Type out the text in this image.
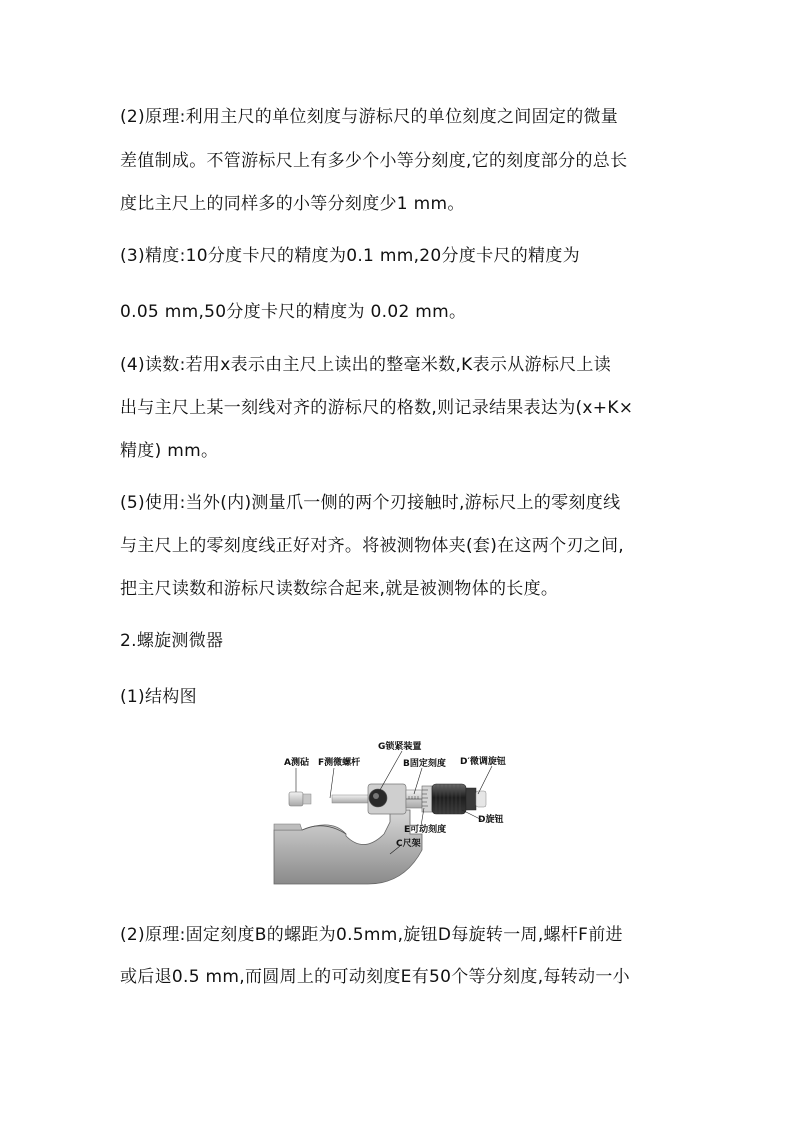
(2)原理:利用主尺的单位刻度与游标尺的单位刻度之间固定的微量
差值制成。不管游标尺上有多少个小等分刻度,它的刻度部分的总长
度比主尺上的同样多的小等分刻度少1 mm。
(3)精度:10分度卡尺的精度为0.1 mm,20分度卡尺的精度为
0.05 mm,50分度卡尺的精度为 0.02 mm。
(4)读数:若用x表示由主尺上读出的整毫米数,K表示从游标尺上读
出与主尺上某一刻线对齐的游标尺的格数,则记录结果表达为(x+K×
精度) mm。
(5)使用:当外(内)测量爪一侧的两个刃接触时,游标尺上的零刻度线
与主尺上的零刻度线正好对齐。将被测物体夹(套)在这两个刃之间,
把主尺读数和游标尺读数综合起来,就是被测物体的长度。
2.螺旋测微器
(1)结构图
A测砧 F测微螺杆
G锁紧装置
B固定刻度 D′微调旋钮
E可动刻度
D旋钮
C尺架
(2)原理:固定刻度B的螺距为0.5mm,旋钮D每旋转一周,螺杆F前进
或后退0.5 mm,而圆周上的可动刻度E有50个等分刻度,每转动一小
